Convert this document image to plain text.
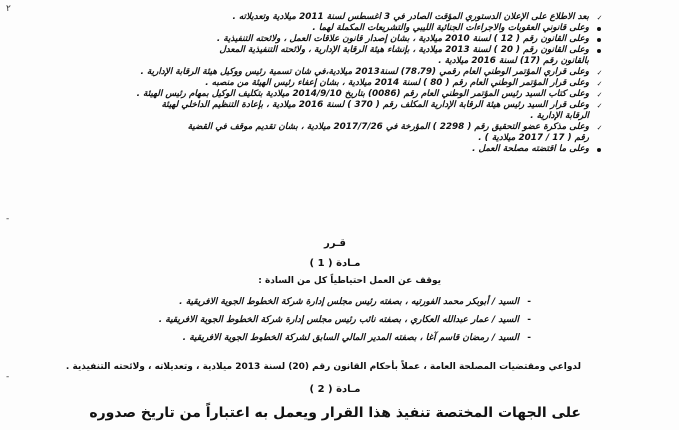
✓
بعد الاطلاع على الإعلان الدستوري المؤقت الصادر في 3 أغسطس لسنة 2011 ميلادية وتعديلاته .
وعلى قانوني العقوبات والاجراءات الجنائية الليبي والتشريعات المكملة لهما .
وعلى القانون رقم ( 12 ) لسنة 2010 ميلادية ، بشأن إصدار قانون علاقات العمل ، ولائحته التنفيذية .
وعلى القانون رقم ( 20 ) لسنة 2013 ميلادية ، بإنشاء هيئة الرقابة الإدارية ، ولائحته التنفيذية المعدل
بالقانون رقم (17) لسنة 2016 ميلادية .
✓
وعلى قراري المؤتمر الوطني العام رقمي (78،79) لسنة2013 ميلادية،في شأن تسمية رئيس ووكيل هيئة الرقابة الإدارية .
✓
وعلى قرار المؤتمر الوطني العام رقم ( 80 ) لسنة 2014 ميلادية ، بشأن إعفاء رئيس الهيئة من منصبه .
✓
وعلى كتاب السيد رئيس المؤتمر الوطني العام رقم (0086) بتاريخ 2014/9/10 ميلادية بتكليف الوكيل بمهام رئيس الهيئة .
✓
وعلى قرار السيد رئيس هيئة الرقابة الإدارية المكلف رقم ( 370 ) لسنة 2016 ميلادية ، بإعادة التنظيم الداخلي لهيئة
الرقابة الإدارية .
✓
وعلى مذكرة عضو التحقيق رقم ( 2298 ) المؤرخة في 2017/7/26 ميلادية ، بشأن تقديم موقف في القضية
رقم ( 17 / 2017 ميلادية ) .
وعلى ما اقتضته مصلحة العمل .
قـرر
مـادة ( 1 )
يوقف عن العمل احتياطياً كل من السادة :
-
السيد / أبوبكر محمد الفورتيه ، بصفته رئيس مجلس إدارة شركة الخطوط الجوية الافريقية .
-
السيد / عمار عبدالله العكاري ، بصفته نائب رئيس مجلس إدارة شركة الخطوط الجوية الافريقية .
-
السيد / رمضان قاسم آغا ، بصفته المدير المالي السابق لشركة الخطوط الجوية الافريقية .
لدواعي ومقتضيات المصلحة العامة ، عملاً بأحكام القانون رقم (20) لسنة 2013 ميلادية ، وتعديلاته ، ولائحته التنفيذية .
مـادة ( 2 )
على الجهات المختصة تنفيذ هذا القرار ويعمل به اعتباراً من تاريخ صدوره
۲
-
-
